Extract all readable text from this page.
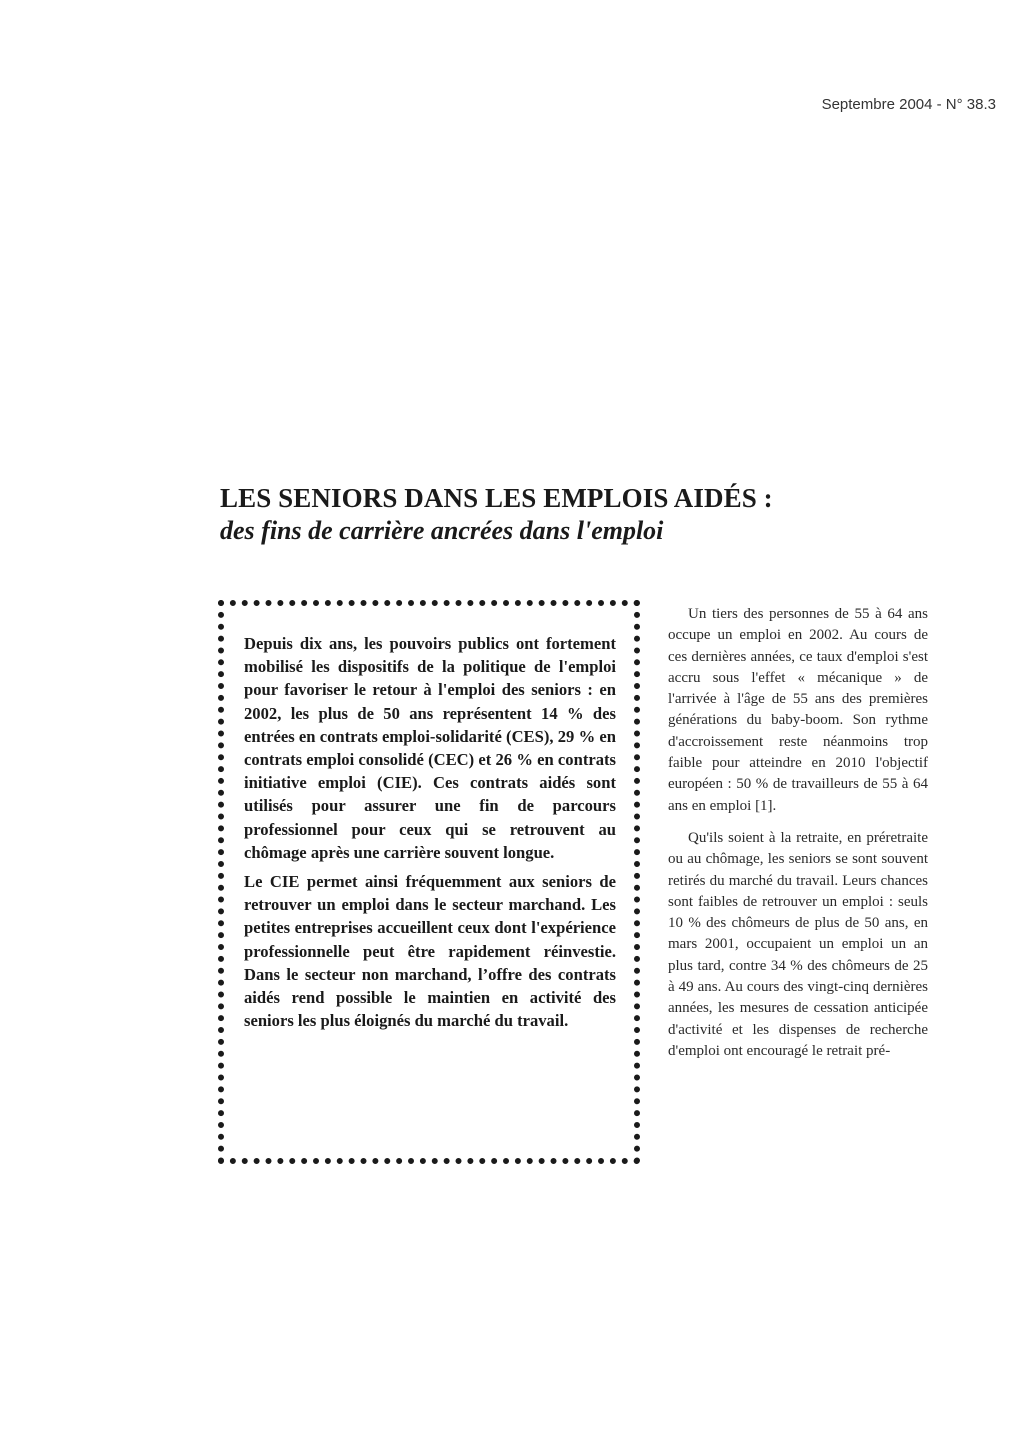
Septembre 2004 - N° 38.3
LES SENIORS DANS LES EMPLOIS AIDÉS :
des fins de carrière ancrées dans l'emploi

Depuis dix ans, les pouvoirs publics ont fortement mobilisé les dispositifs de la politique de l'emploi pour favoriser le retour à l'emploi des seniors : en 2002, les plus de 50 ans représentent 14 % des entrées en contrats emploi-solidarité (CES), 29 % en contrats emploi consolidé (CEC) et 26 % en contrats initiative emploi (CIE). Ces contrats aidés sont utilisés pour assurer une fin de parcours professionnel pour ceux qui se retrouvent au chômage après une carrière souvent longue.

Le CIE permet ainsi fréquemment aux seniors de retrouver un emploi dans le secteur marchand. Les petites entreprises accueillent ceux dont l'expérience professionnelle peut être rapidement réinvestie. Dans le secteur non marchand, l’offre des contrats aidés rend possible le maintien en activité des seniors les plus éloignés du marché du travail.

Un tiers des personnes de 55 à 64 ans occupe un emploi en 2002. Au cours de ces dernières années, ce taux d'emploi s'est accru sous l'effet « mécanique » de l'arrivée à l'âge de 55 ans des premières générations du baby-boom. Son rythme d'accroissement reste néanmoins trop faible pour atteindre en 2010 l'objectif européen : 50 % de travailleurs de 55 à 64 ans en emploi [1].

Qu'ils soient à la retraite, en préretraite ou au chômage, les seniors se sont souvent retirés du marché du travail. Leurs chances sont faibles de retrouver un emploi : seuls 10 % des chômeurs de plus de 50 ans, en mars 2001, occupaient un emploi un an plus tard, contre 34 % des chômeurs de 25 à 49 ans. Au cours des vingt-cinq dernières années, les mesures de cessation anticipée d'activité et les dispenses de recherche d'emploi ont encouragé le retrait pré-
